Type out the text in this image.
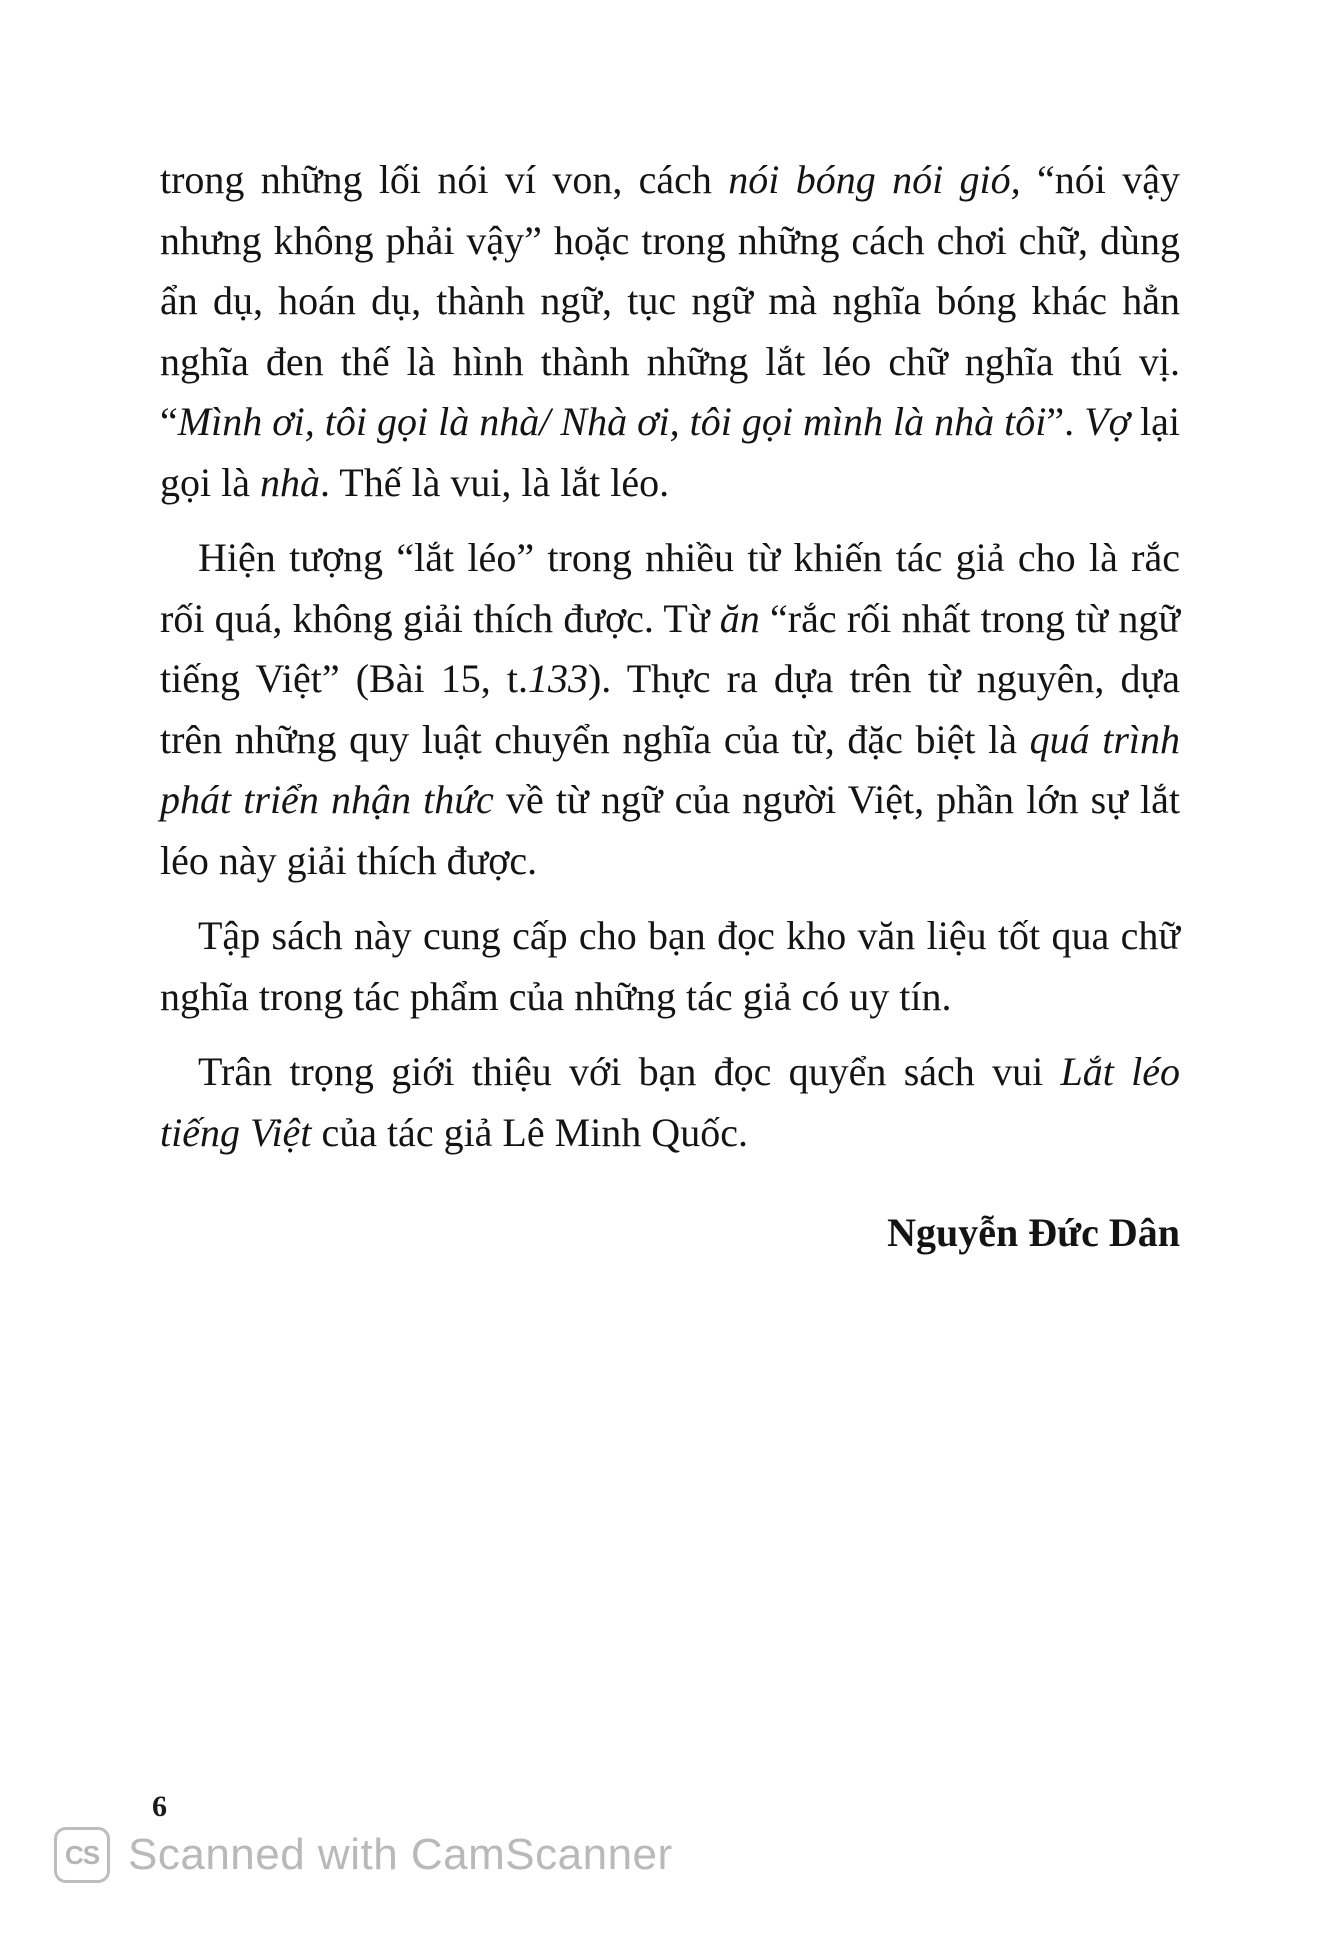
trong những lối nói ví von, cách nói bóng nói gió, “nói vậy nhưng không phải vậy” hoặc trong những cách chơi chữ, dùng ẩn dụ, hoán dụ, thành ngữ, tục ngữ mà nghĩa bóng khác hẳn nghĩa đen thế là hình thành những lắt léo chữ nghĩa thú vị. “Mình ơi, tôi gọi là nhà/ Nhà ơi, tôi gọi mình là nhà tôi”. Vợ lại gọi là nhà. Thế là vui, là lắt léo.

Hiện tượng “lắt léo” trong nhiều từ khiến tác giả cho là rắc rối quá, không giải thích được. Từ ăn “rắc rối nhất trong từ ngữ tiếng Việt” (Bài 15, t.133). Thực ra dựa trên từ nguyên, dựa trên những quy luật chuyển nghĩa của từ, đặc biệt là quá trình phát triển nhận thức về từ ngữ của người Việt, phần lớn sự lắt léo này giải thích được.

Tập sách này cung cấp cho bạn đọc kho văn liệu tốt qua chữ nghĩa trong tác phẩm của những tác giả có uy tín.

Trân trọng giới thiệu với bạn đọc quyển sách vui Lắt léo tiếng Việt của tác giả Lê Minh Quốc.

Nguyễn Đức Dân
6
CS Scanned with CamScanner
